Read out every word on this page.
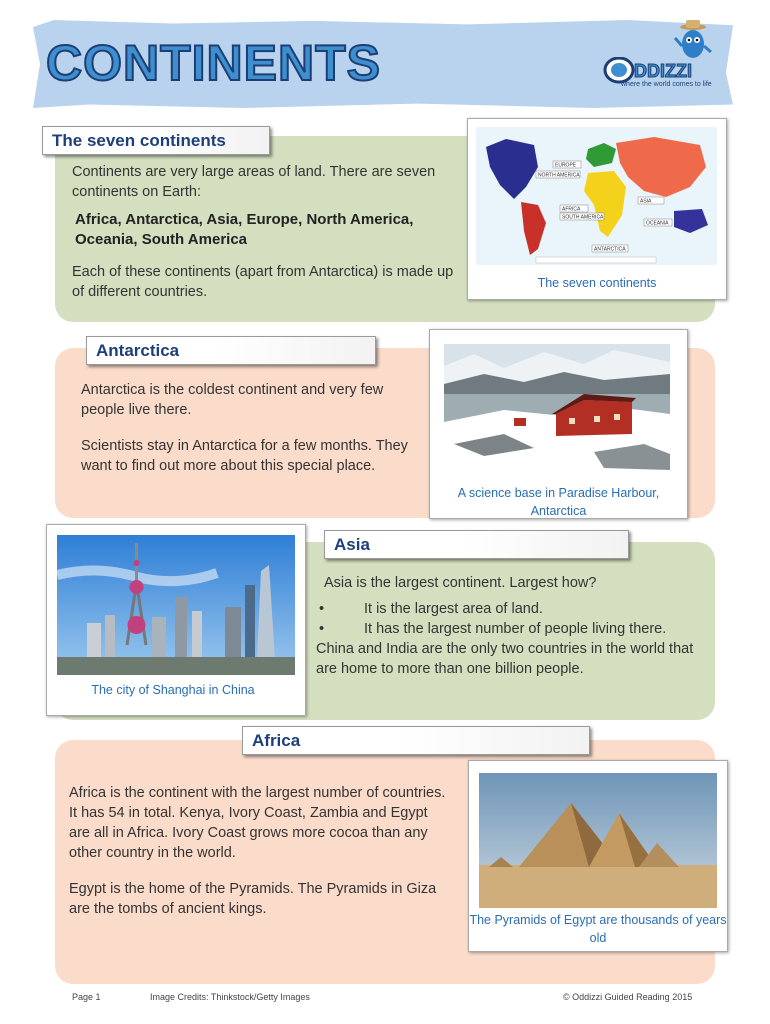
CONTINENTS	DDIZZI
where the world comes to life
The seven continents

Continents are very large areas of land. There are seven continents on Earth:

Africa, Antarctica, Asia, Europe, North America, Oceania, South America

Each of these continents (apart from Antarctica) is made up of different countries.

EUROPE
NORTH AMERICA
ASIA
AFRICA
SOUTH AMERICA
OCEANIA
ANTARCTICA
The seven continents
Antarctica

Antarctica is the coldest continent and very few people live there.

Scientists stay in Antarctica for a few months. They want to find out more about this special place.

A science base in Paradise Harbour, Antarctica
Asia
The city of Shanghai in China

Asia is the largest continent. Largest how?

•	It is the largest area of land.
•	It has the largest number of people living there.

China and India are the only two countries in the world that are home to more than one billion people.

Africa

Africa is the continent with the largest number of countries. It has 54 in total. Kenya, Ivory Coast, Zambia and Egypt are all in Africa. Ivory Coast grows more cocoa than any other country in the world.

Egypt is the home of the Pyramids. The Pyramids in Giza are the tombs of ancient kings.

The Pyramids of Egypt are thousands of years old
Page 1	Image Credits: Thinkstock/Getty Images	© Oddizzi Guided Reading 2015
